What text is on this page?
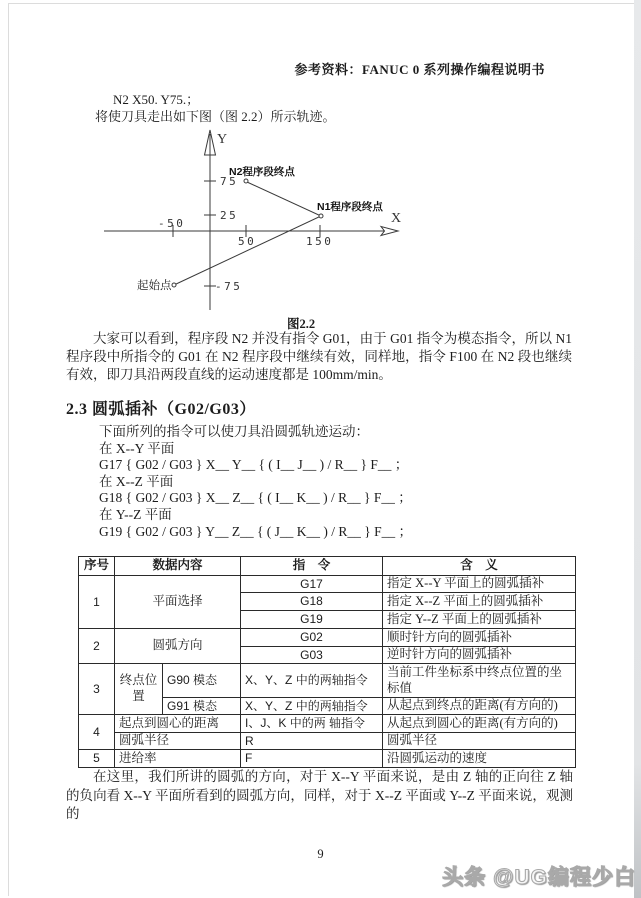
参考资料：FANUC 0 系列操作编程说明书
N2 X50. Y75.；
将使刀具走出如下图（图 2.2）所示轨迹。
75
25
-75
-50
50	150
Y
X
N2程序段终点
N1程序段终点
起始点
图2.2
大家可以看到，程序段 N2 并没有指令 G01，由于 G01 指令为模态指令，所以 N1 程序段中所指令的 G01 在 N2 程序段中继续有效，同样地，指令 F100 在 N2 段也继续有效，即刀具沿两段直线的运动速度都是 100mm/min。
2.3 圆弧插补（G02/G03）
下面所列的指令可以使刀具沿圆弧轨迹运动：
在 X--Y 平面
G17 { G02 / G03 } X__ Y__ { ( I__ J__ ) / R__ } F__ ；
在 X--Z 平面
G18 { G02 / G03 } X__ Z__ { ( I__ K__ ) / R__ } F__ ；
在 Y--Z 平面
G19 { G02 / G03 } Y__ Z__ { ( J__ K__ ) / R__ } F__ ；
序号	数据内容		指　令	含　义
1	平面选择		G17	指定 X--Y 平面上的圆弧插补
			G18	指定 X--Z 平面上的圆弧插补
			G19	指定 Y--Z 平面上的圆弧插补
2	圆弧方向		G02	顺时针方向的圆弧插补
			G03	逆时针方向的圆弧插补
3	终点位置	G90 模态	X、Y、Z 中的两轴指令	当前工件坐标系中终点位置的坐标值
		G91 模态	X、Y、Z 中的两轴指令	从起点到终点的距离(有方向的)
4	起点到圆心的距离		I、J、K 中的两 轴指令	从起点到圆心的距离(有方向的)
	圆弧半径		R	圆弧半径
5	进给率		F	沿圆弧运动的速度
在这里，我们所讲的圆弧的方向，对于 X--Y 平面来说，是由 Z 轴的正向往 Z 轴的负向看 X--Y 平面所看到的圆弧方向，同样，对于 X--Z 平面或 Y--Z 平面来说，观测的
9
头条 @UG编程少白
